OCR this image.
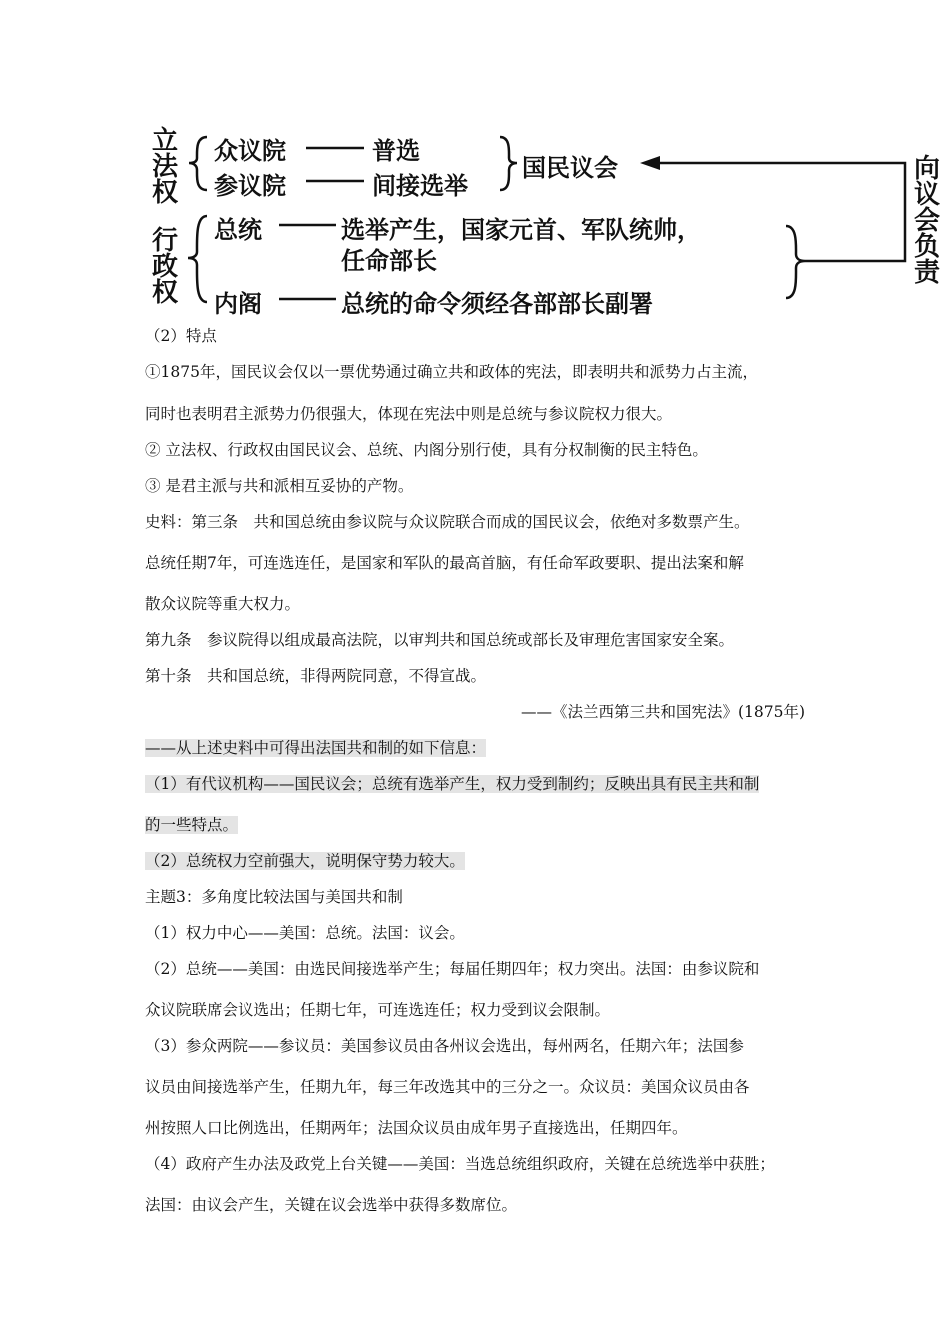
立法权
行政权
向议会负责
众议院	普选
参议院	间接选举
国民议会
总统	选举产生，国家元首、军队统帅，
任命部长
内阁	总统的命令须经各部部长副署
（2）特点
①1875年，国民议会仅以一票优势通过确立共和政体的宪法，即表明共和派势力占主流，
同时也表明君主派势力仍很强大，体现在宪法中则是总统与参议院权力很大。
② 立法权、行政权由国民议会、总统、内阁分别行使，具有分权制衡的民主特色。
③ 是君主派与共和派相互妥协的产物。
史料：第三条　共和国总统由参议院与众议院联合而成的国民议会，依绝对多数票产生。
总统任期7年，可连选连任，是国家和军队的最高首脑，有任命军政要职、提出法案和解
散众议院等重大权力。
第九条　参议院得以组成最高法院，以审判共和国总统或部长及审理危害国家安全案。
第十条　共和国总统，非得两院同意，不得宣战。
——《法兰西第三共和国宪法》(1875年)
——从上述史料中可得出法国共和制的如下信息：
（1）有代议机构——国民议会；总统有选举产生，权力受到制约；反映出具有民主共和制
的一些特点。
（2）总统权力空前强大，说明保守势力较大。
主题3：多角度比较法国与美国共和制
（1）权力中心——美国：总统。法国：议会。
（2）总统——美国：由选民间接选举产生；每届任期四年；权力突出。法国：由参议院和
众议院联席会议选出；任期七年，可连选连任；权力受到议会限制。
（3）参众两院——参议员：美国参议员由各州议会选出，每州两名，任期六年；法国参
议员由间接选举产生，任期九年，每三年改选其中的三分之一。众议员：美国众议员由各
州按照人口比例选出，任期两年；法国众议员由成年男子直接选出，任期四年。
（4）政府产生办法及政党上台关键——美国：当选总统组织政府，关键在总统选举中获胜；
法国：由议会产生，关键在议会选举中获得多数席位。
